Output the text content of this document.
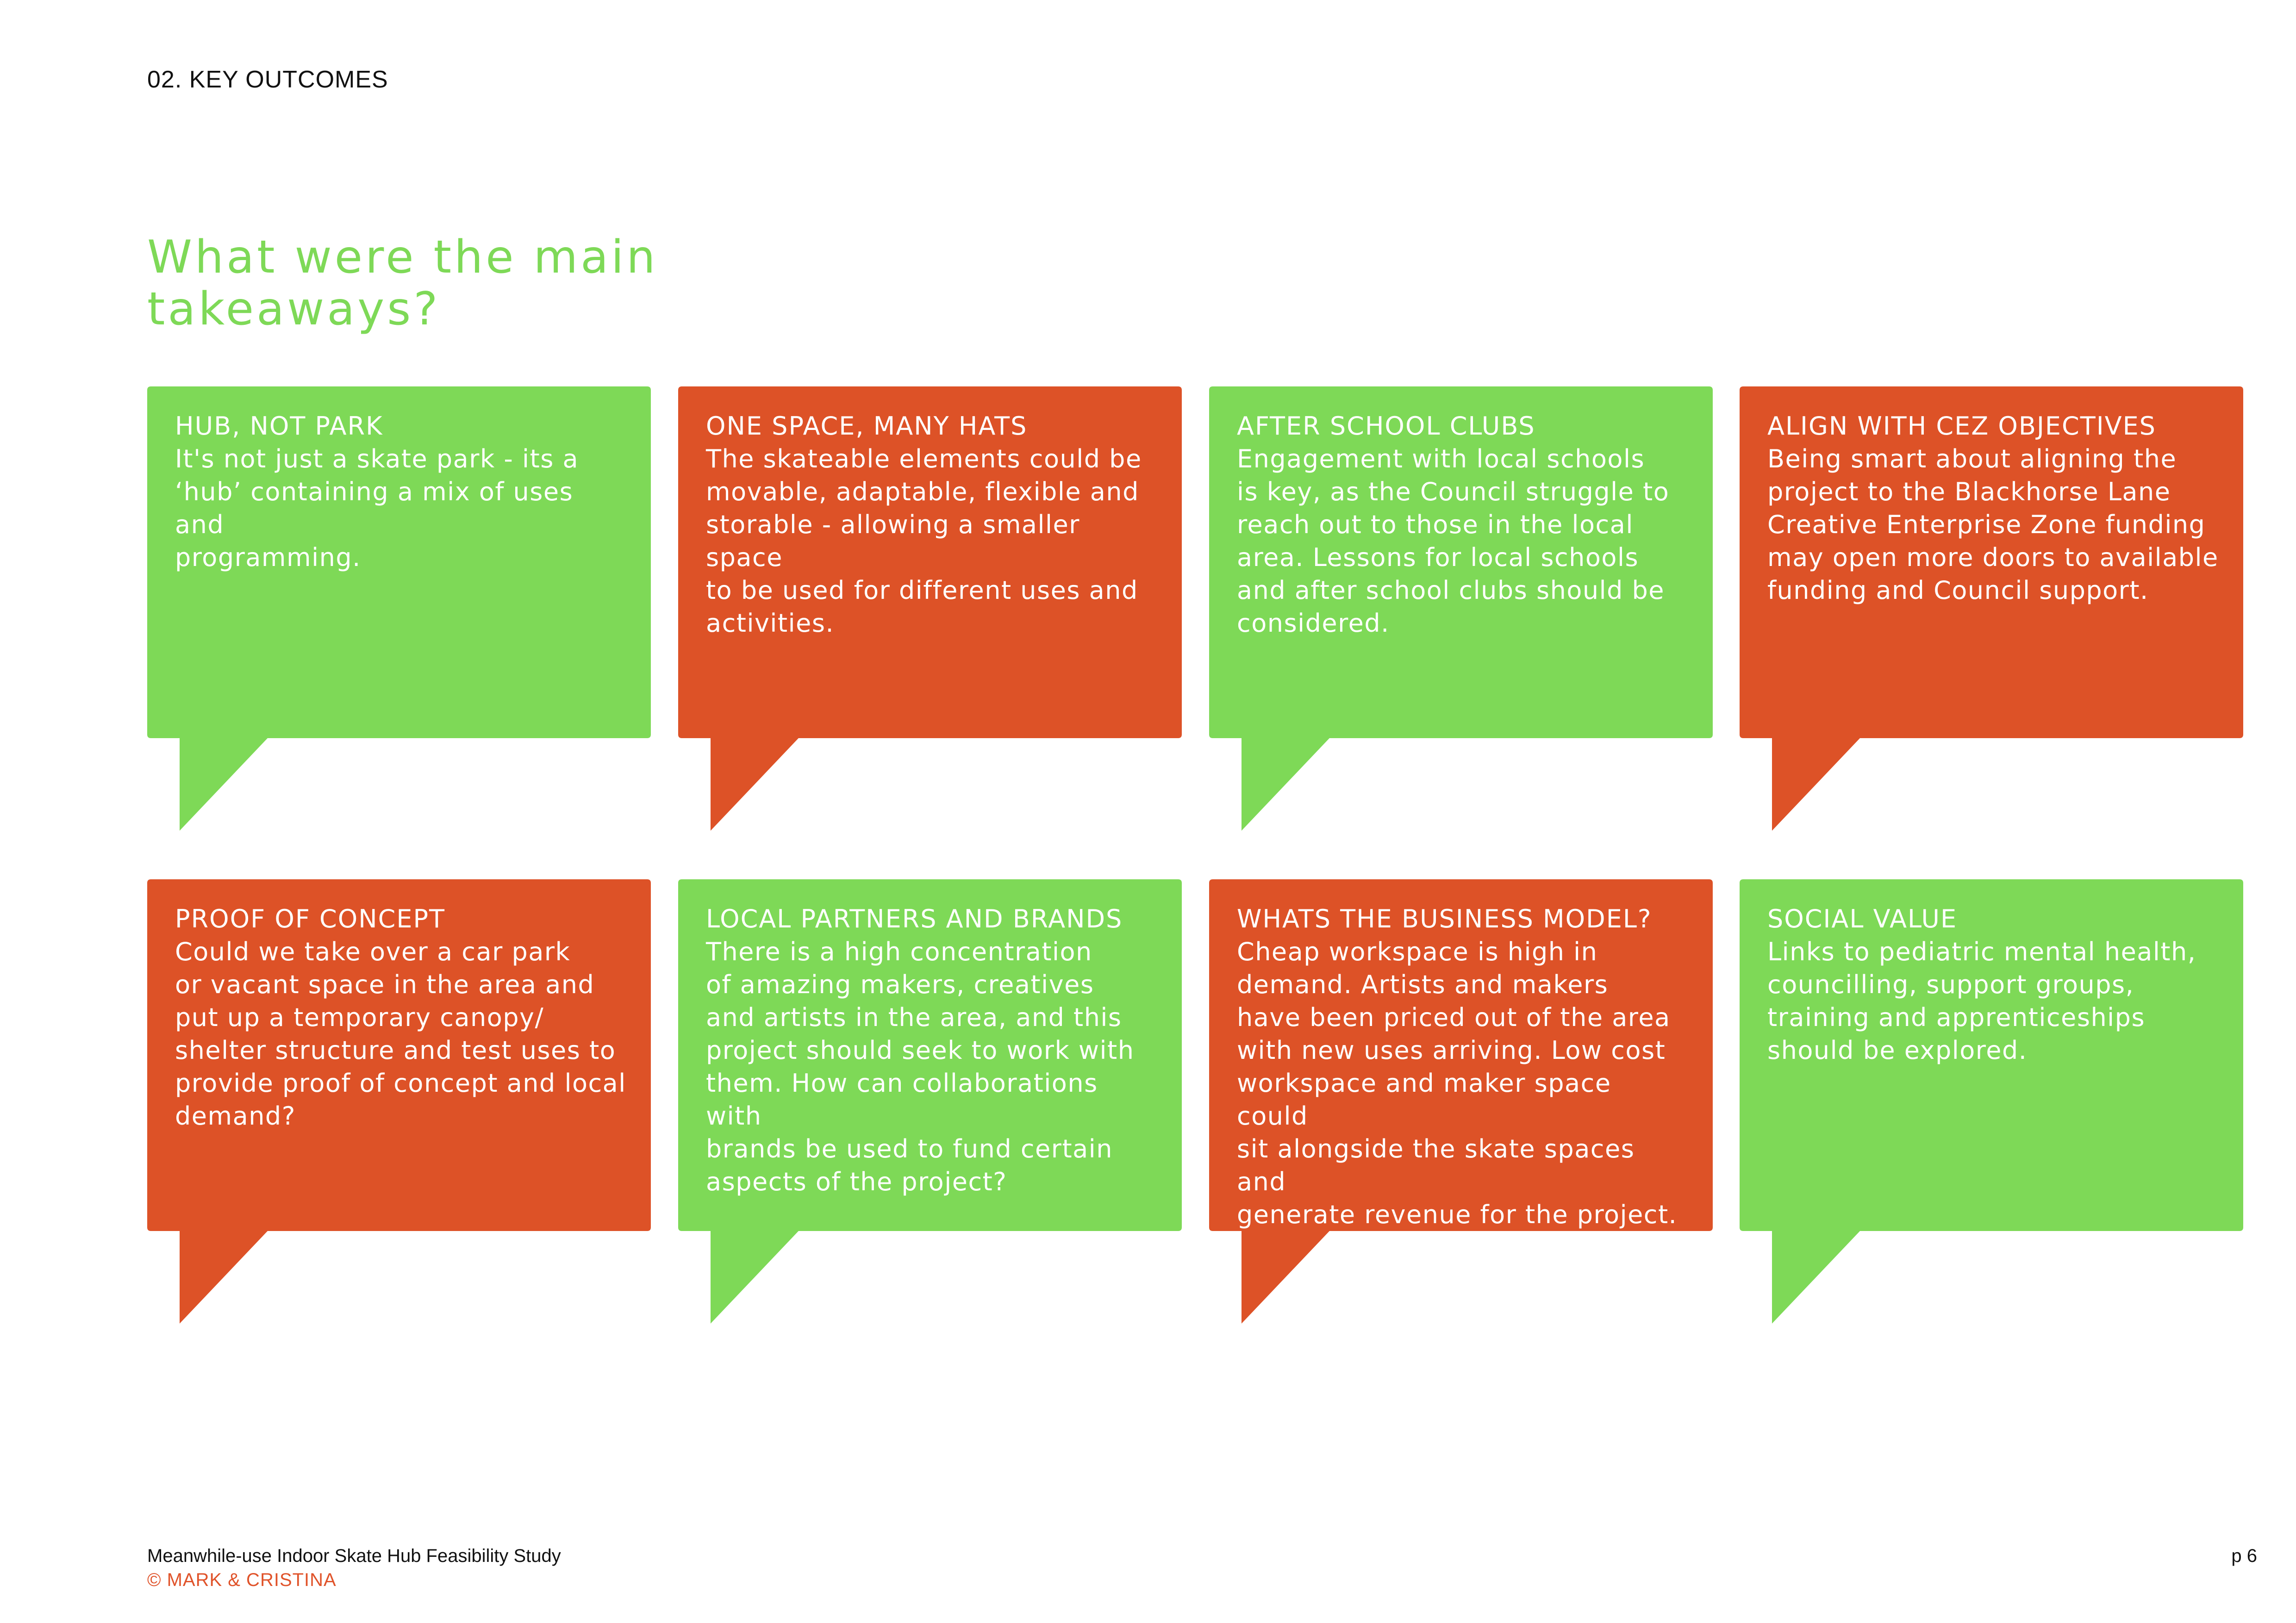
02. KEY OUTCOMES
What were the main takeaways?
HUB, NOT PARK

It's not just a skate park - its a
‘hub’ containing a mix of uses and
programming.

ONE SPACE, MANY HATS

The skateable elements could be
movable, adaptable, flexible and
storable - allowing a smaller space
to be used for different uses and
activities.

AFTER SCHOOL CLUBS

Engagement with local schools
is key, as the Council struggle to
reach out to those in the local
area. Lessons for local schools
and after school clubs should be
considered.

ALIGN WITH CEZ OBJECTIVES

Being smart about aligning the
project to the Blackhorse Lane
Creative Enterprise Zone funding
may open more doors to available
funding and Council support.

PROOF OF CONCEPT

Could we take over a car park
or vacant space in the area and
put up a temporary canopy/
shelter structure and test uses to
provide proof of concept and local
demand?

LOCAL PARTNERS AND BRANDS

There is a high concentration
of amazing makers, creatives
and artists in the area, and this
project should seek to work with
them. How can collaborations with
brands be used to fund certain
aspects of the project?

WHATS THE BUSINESS MODEL?

Cheap workspace is high in
demand. Artists and makers
have been priced out of the area
with new uses arriving. Low cost
workspace and maker space could
sit alongside the skate spaces and
generate revenue for the project.

SOCIAL VALUE

Links to pediatric mental health,
councilling, support groups,
training and apprenticeships
should be explored.

Meanwhile-use Indoor Skate Hub Feasibility Study
© MARK & CRISTINA
p 6
